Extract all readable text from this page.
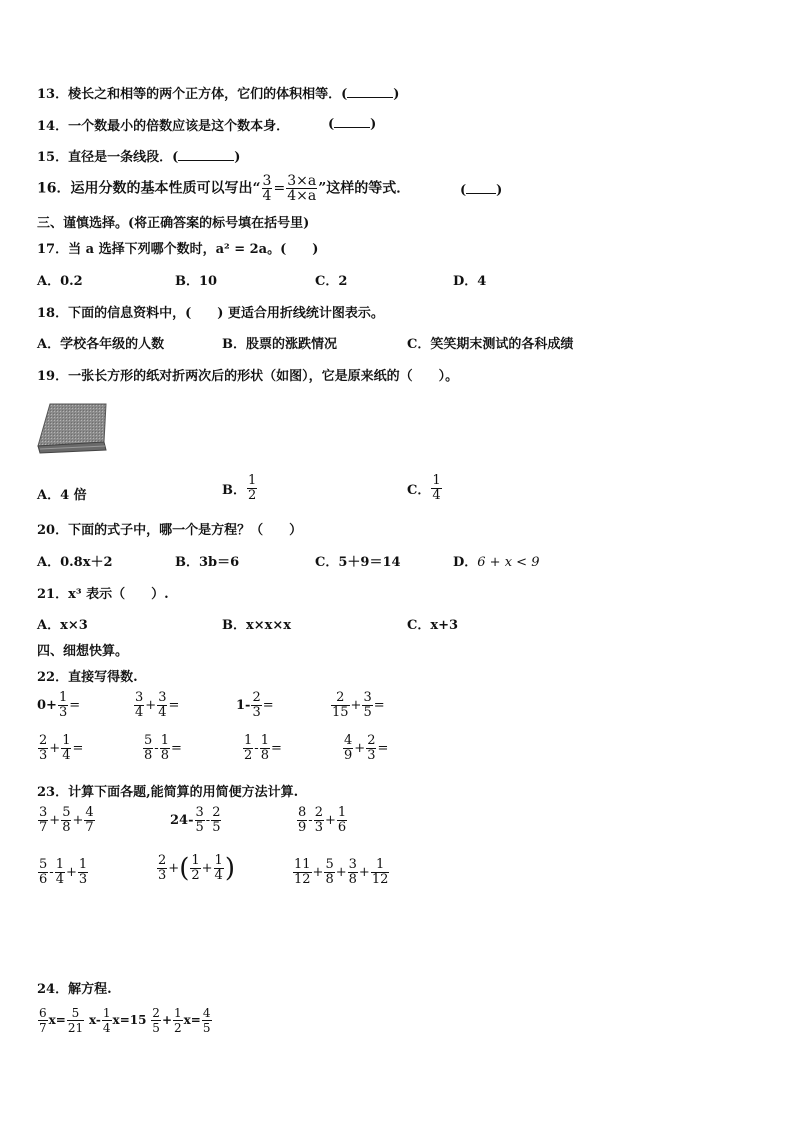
13．棱长之和相等的两个正方体，它们的体积相等．(	)
14．一个数最小的倍数应该是这个数本身．	(	)
15．直径是一条线段．(	)
16．运用分数的基本性质可以写出“ $\frac{3}{4} = \frac{3\times a}{4\times a}$ ”这样的等式．	( )
三、谨慎选择。(将正确答案的标号填在括号里)
17．当 a 选择下列哪个数时，a² = 2a。(　　)
A．0.2	B．10	C．2	D．4
18．下面的信息资料中，(　　) 更适合用折线统计图表示。
A．学校各年级的人数	B．股票的涨跌情况	C．笑笑期末测试的各科成绩
19．一张长方形的纸对折两次后的形状（如图），它是原来纸的（　　）。
A．4 倍	B． $\frac{1}{2}$	C． $\frac{1}{4}$
20．下面的式子中，哪一个是方程？（　　）
A．0.8x＋2	B．3b＝6	C．5＋9＝14	D．6 + x < 9
21．x³ 表示（　　）.
A．x×3	B．x×x×x	C．x+3
四、细想快算。
22．直接写得数.
$0+ \frac{1}{3}$ =	$\frac{3}{4} + \frac{3}{4}$ =	$1- \frac{2}{3}$ =	$\frac{2}{15} + \frac{3}{5}$ =
$\frac{2}{3} + \frac{1}{4}$ =	$\frac{5}{8} - \frac{1}{8}$ =	$\frac{1}{2} - \frac{1}{8}$ =	$\frac{4}{9} + \frac{2}{3}$ =
23．计算下面各题,能简算的用简便方法计算.
$\frac{3}{7} + \frac{5}{8} + \frac{4}{7}$	$24- \frac{3}{5} - \frac{2}{5}$	$\frac{8}{9} - \frac{2}{3} + \frac{1}{6}$
$\frac{5}{6} - \frac{1}{4} + \frac{1}{3}$	$\frac{2}{3}$ +( $\frac{1}{2} + \frac{1}{4}$ )	$\frac{11}{12} + \frac{5}{8} + \frac{3}{8} + \frac{1}{12}$
24．解方程.
$\frac{6}{7} x= \frac{5}{21} x- \frac{1}{4} x=15 \frac{2}{5} + \frac{1}{2} x= \frac{4}{5}$
